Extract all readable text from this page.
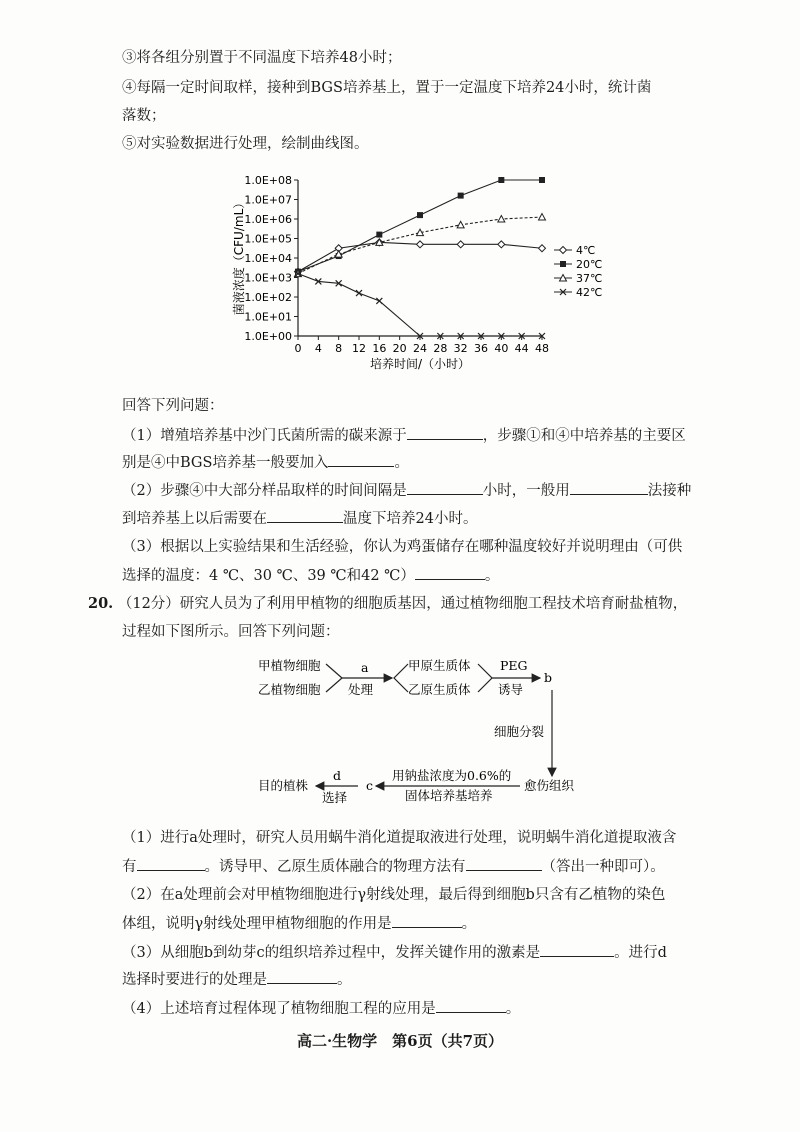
③将各组分别置于不同温度下培养48小时；
④每隔一定时间取样，接种到BGS培养基上，置于一定温度下培养24小时，统计菌
落数；
⑤对实验数据进行处理，绘制曲线图。
1.0E+00
1.0E+01
1.0E+02
1.0E+03
1.0E+04
1.0E+05
1.0E+06
1.0E+07
1.0E+08
0 4 8 12 16 20 24 28 32 36 40 44 48
4℃
20℃
37℃
42℃
培养时间/（小时）
菌液浓度（CFU/mL）
回答下列问题：
（1）增殖培养基中沙门氏菌所需的碳来源于	，步骤①和④中培养基的主要区
别是④中BGS培养基一般要加入	。
（2）步骤④中大部分样品取样的时间间隔是	小时，一般用	法接种
到培养基上以后需要在	温度下培养24小时。
（3）根据以上实验结果和生活经验，你认为鸡蛋储存在哪种温度较好并说明理由（可供
选择的温度：4 ℃、30 ℃、39 ℃和42 ℃）	。
20. （12分）研究人员为了利用甲植物的细胞质基因，通过植物细胞工程技术培育耐盐植物，
过程如下图所示。回答下列问题：
甲植物细胞
乙植物细胞
a
处理
甲原生质体
乙原生质体
PEG
诱导
b
细胞分裂
愈伤组织
用钠盐浓度为0.6%的
固体培养基培养
c
d
选择
目的植株
（1）进行a处理时，研究人员用蜗牛消化道提取液进行处理，说明蜗牛消化道提取液含
有	。诱导甲、乙原生质体融合的物理方法有	（答出一种即可）。
（2）在a处理前会对甲植物细胞进行γ射线处理，最后得到细胞b只含有乙植物的染色
体组，说明γ射线处理甲植物细胞的作用是	。
（3）从细胞b到幼芽c的组织培养过程中，发挥关键作用的激素是	。进行d
选择时要进行的处理是	。
（4）上述培育过程体现了植物细胞工程的应用是	。
高二·生物学　第6页（共7页）
